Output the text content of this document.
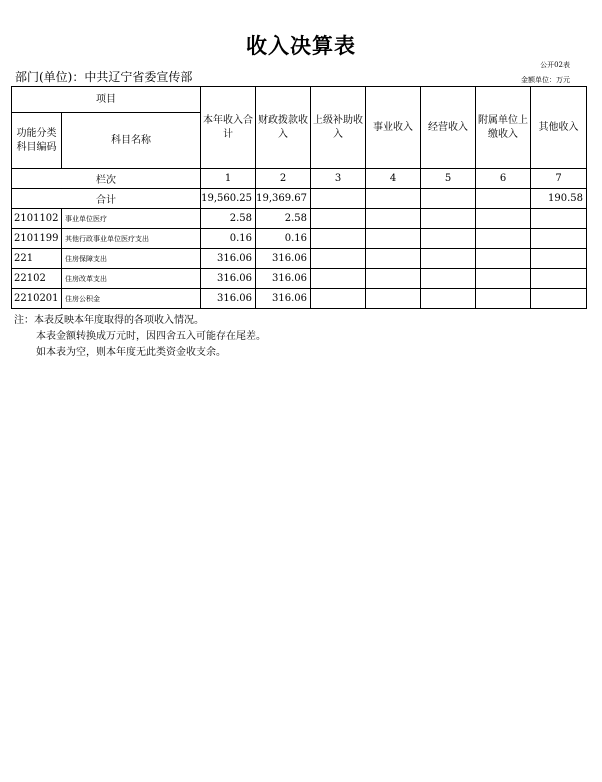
收入决算表
公开02表
部门(单位)：中共辽宁省委宣传部	金额单位：万元
项目		本年收入合计	财政拨款收入	上级补助收入	事业收入	经营收入	附属单位上缴收入	其他收入
功能分类科目编码	科目名称							
栏次		1	2	3	4	5	6	7
合计		19,560.25	19,369.67					190.58
2101102	事业单位医疗	2.58	2.58					
2101199	其他行政事业单位医疗支出	0.16	0.16					
221	住房保障支出	316.06	316.06					
22102	住房改革支出	316.06	316.06					
2210201	住房公积金	316.06	316.06					
注：本表反映本年度取得的各项收入情况。
本表金额转换成万元时，因四舍五入可能存在尾差。
如本表为空，则本年度无此类资金收支余。
